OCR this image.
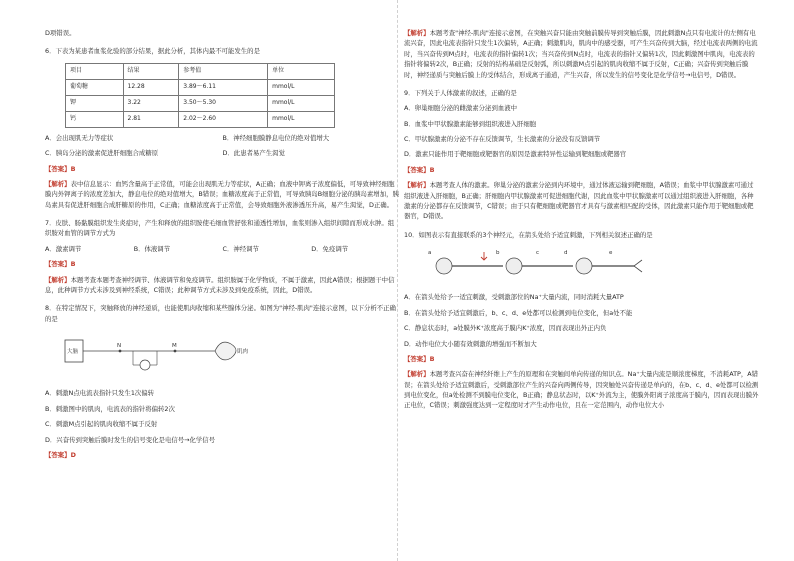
D项错误。

6．下表为某患者血浆化验的部分结果，据此分析，其体内最不可能发生的是

项目	结果	参考值	单位
葡萄糖	12.28	3.89～6.11	mmol/L
钾	3.22	3.50～5.30	mmol/L
钙	2.81	2.02～2.60	mmol/L
A．会出现肌无力等症状	B．神经细胞膜静息电位的绝对值增大
C．胰岛分泌的激素促进肝细胞合成糖原	D．此患者易产生渴觉

【答案】B

【解析】表中信息显示：血钙含量高于正常值，可能会出现肌无力等症状，A正确；血液中钾离子浓度偏低，可导致神经细胞膜内外钾离子的浓度差加大，静息电位的绝对值增大，B错误；血糖浓度高于正常值，可导致胰岛B细胞分泌的胰岛素增加，胰岛素具有促进肝细胞合成肝糖原的作用，C正确；血糖浓度高于正常值，会导致细胞外液渗透压升高，易产生渴觉，D正确。

7．皮肤、肠黏膜组织发生炎症时，产生和释放的组织胺使毛细血管舒张和通透性增加，血浆则渗入组织间隙而形成水肿。组织胺对血管的调节方式为

A．激素调节	B．体液调节	C．神经调节	D．免疫调节

【答案】B

【解析】本题考查本题考查神经调节、体液调节和免疫调节。组织胺属于化学物质，不属于激素，因此A错误；根据题干中信息，此种调节方式未涉及到神经系统，C错误；此种调节方式未涉及到免疫系统，因此，D错误。

8．在特定情况下，突触释放的神经递质，也能使肌肉收缩和某些腺体分泌。如图为"神经-肌肉"连接示意图，以下分析不正确的是

大脑
N	M
肌肉

A．刺激N点电流表指针只发生1次偏转

B．刺激图中的肌肉，电流表的指针将偏转2次

C．刺激M点引起的肌肉收缩不属于反射

D．兴奋传到突触后膜时发生的信号变化是电信号→化学信号

【答案】D

【解析】本题考查"神经-肌肉"连接示意图，在突触兴奋只能由突触前膜传导到突触后膜，因此刺激N点只有电流计的左侧有电流兴奋，因此电流表指针只发生1次偏转，A正确；刺激肌肉，肌肉中的感受器，可产生兴奋传到大脑，经过电流表两侧的电流时，当兴奋传到M点时，电流表的指针偏转1次；当兴奋传到N点时，电流表的指针又偏转1次，因此刺激图中肌肉，电流表的指针将偏转2次，B正确；反射的结构基础是反射弧，所以刺激M点引起的肌肉收缩不属于反射，C正确；兴奋传到突触后膜时，神经递质与突触后膜上的受体结合，形成离子通道，产生兴奋，所以发生的信号变化是化学信号→电信号，D错误。

9．下列关于人体激素的叙述，正确的是

A．卵巢细胞分泌的雌激素分泌到血液中

B．血浆中甲状腺激素能够到组织液进入肝细胞

C．甲状腺激素的分泌不存在反馈调节，生长激素的分泌没有反馈调节

D．激素只能作用于靶细胞或靶器官的原因是激素特异性运输到靶细胞或靶器官

【答案】B

【解析】本题考查人体的激素。卵巢分泌的激素分泌到内环境中，通过体液运输到靶细胞，A错误；血浆中甲状腺激素可通过组织液进入肝细胞，B正确；肝细胞内甲状腺激素可促进细胞代谢，因此血浆中甲状腺激素可以通过组织液进入肝细胞，各种激素的分泌都存在反馈调节，C错误；由于只有靶细胞或靶器官才具有与激素相匹配的受体，因此激素只能作用于靶细胞或靶器官，D错误。

10．如图表示有直接联系的3个神经元，在箭头处给予适宜刺激，下列相关叙述正确的是

a	b	c	d	e

A．在箭头处给予一适宜刺激，受刺激部位的Na⁺大量内流，同时消耗大量ATP

B．在箭头处给予适宜刺激后，b、c、d、e处都可以检测到电位变化，但a处不能

C．静息状态时，a处膜外K⁺浓度高于膜内K⁺浓度，因而表现出外正内负

D．动作电位大小随有效刺激的增强而不断加大

【答案】B

【解析】本题考查兴奋在神经纤维上产生的原理和在突触间单向传递的知识点。Na⁺大量内流是顺浓度梯度，不消耗ATP，A错误；在箭头处给予适宜刺激后，受刺激部位产生的兴奋向两侧传导，因突触处兴奋传递是单向的，在b、c、d、e处都可以检测到电位变化，但a处检测不到膜电位变化，B正确；静息状态时，以K⁺外流为主，使膜外阳离子浓度高于膜内，因而表现出膜外正电位，C错误；刺激强度达到一定程度时才产生动作电位，且在一定范围内，动作电位大小
